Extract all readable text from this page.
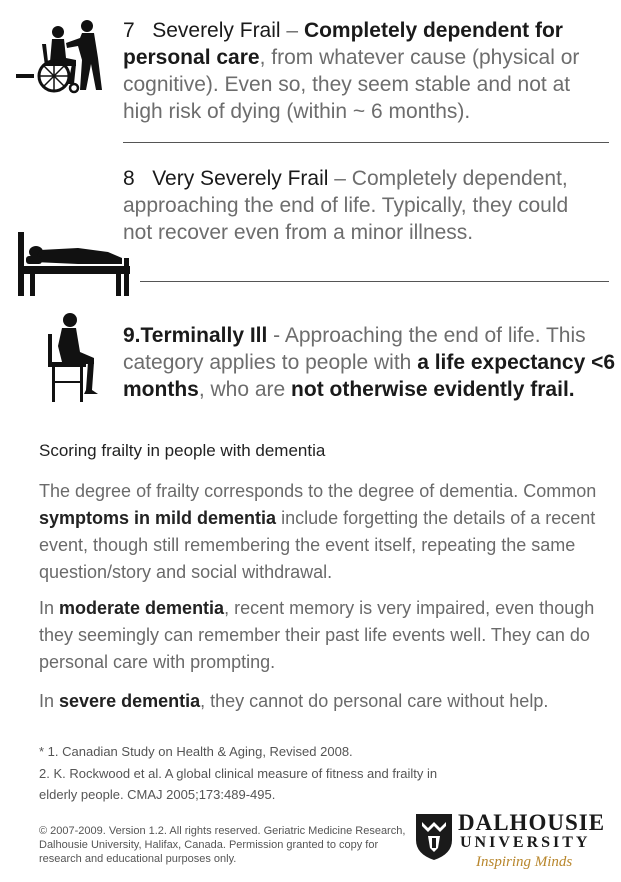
7 Severely Frail – Completely dependent for personal care, from whatever cause (physical or cognitive). Even so, they seem stable and not at high risk of dying (within ~ 6 months).
8 Very Severely Frail – Completely dependent, approaching the end of life. Typically, they could not recover even from a minor illness.
9.Terminally Ill - Approaching the end of life. This category applies to people with a life expectancy <6 months, who are not otherwise evidently frail.
Scoring frailty in people with dementia
The degree of frailty corresponds to the degree of dementia. Common symptoms in mild dementia include forgetting the details of a recent event, though still remembering the event itself, repeating the same question/story and social withdrawal.
In moderate dementia, recent memory is very impaired, even though they seemingly can remember their past life events well. They can do personal care with prompting.
In severe dementia, they cannot do personal care without help.
* 1. Canadian Study on Health & Aging, Revised 2008.
2. K. Rockwood et al. A global clinical measure of fitness and frailty in elderly people. CMAJ 2005;173:489-495.
© 2007-2009. Version 1.2. All rights reserved. Geriatric Medicine Research, Dalhousie University, Halifax, Canada. Permission granted to copy for research and educational purposes only.
DALHOUSIE
UNIVERSITY
Inspiring Minds
